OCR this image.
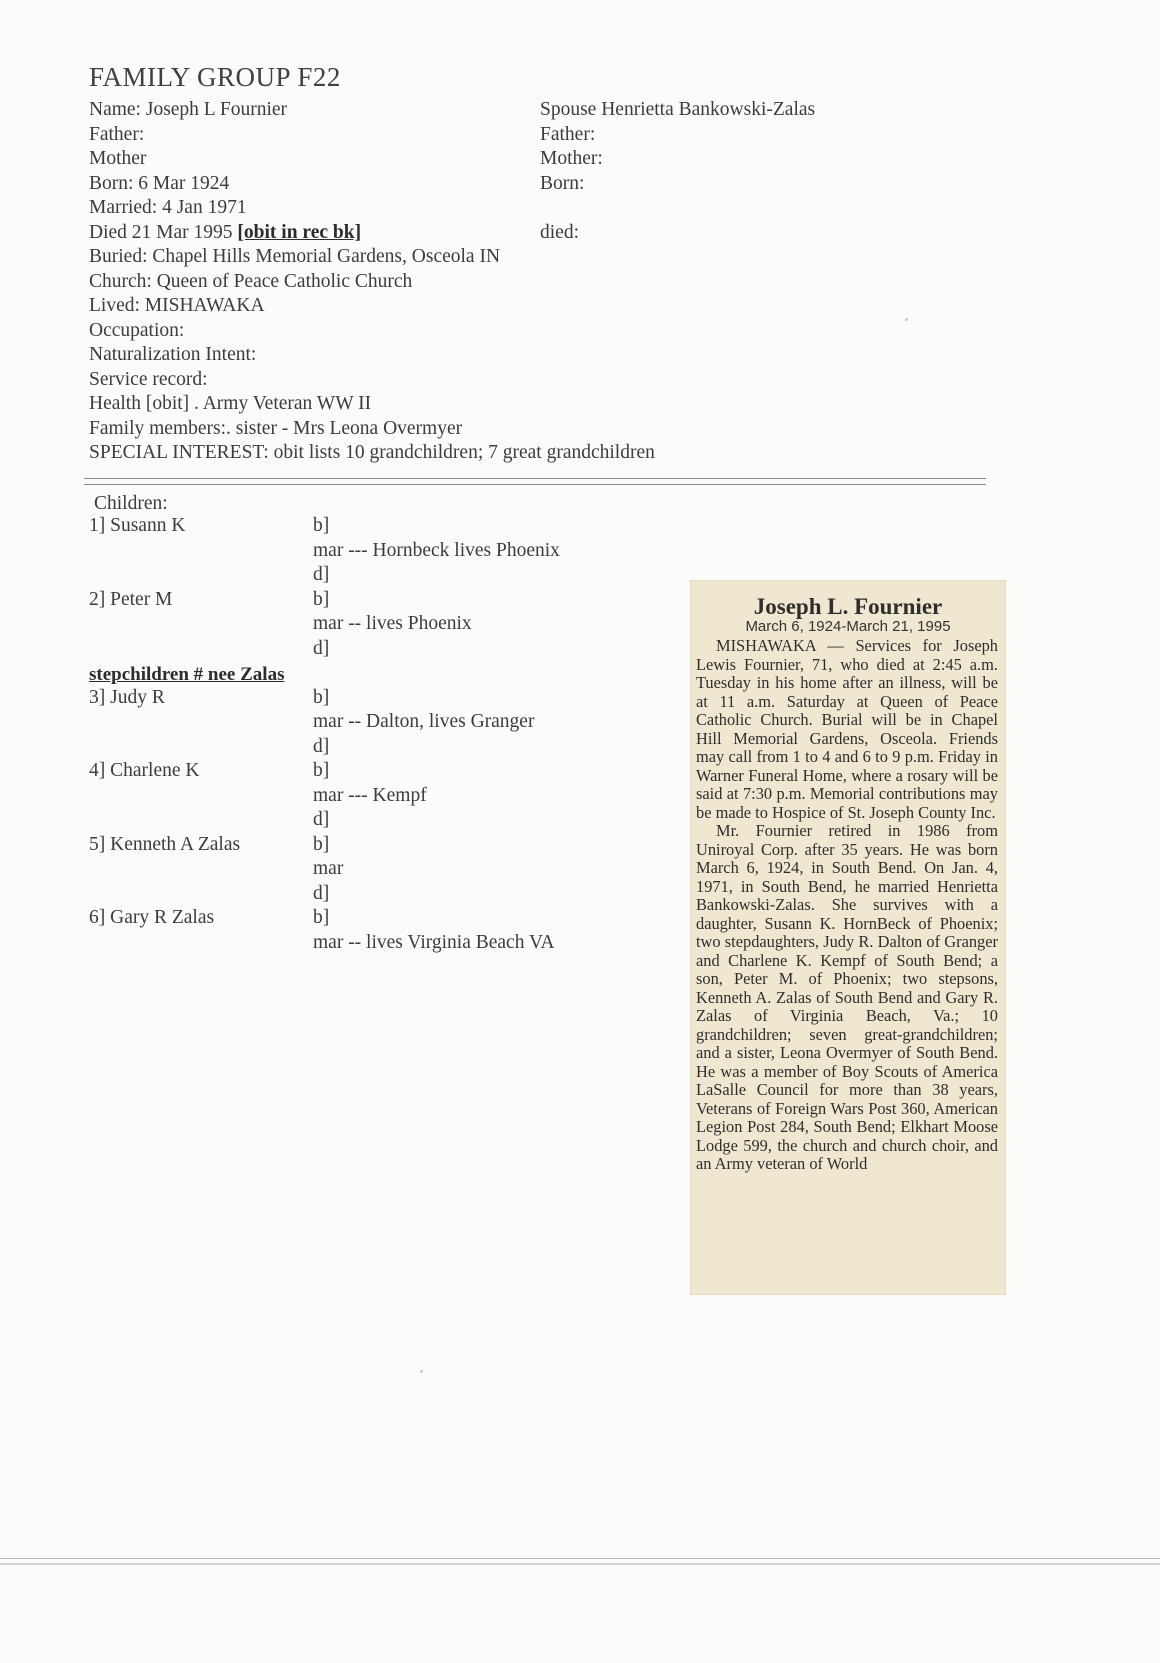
FAMILY GROUP F22
Name: Joseph L Fournier
Father:
Mother
Born: 6 Mar 1924
Married: 4 Jan 1971
Died 21 Mar 1995 [obit in rec bk]
Buried: Chapel Hills Memorial Gardens, Osceola IN
Church: Queen of Peace Catholic Church
Lived: MISHAWAKA
Occupation:
Naturalization Intent:
Service record:
Health [obit] . Army Veteran WW II
Family members:. sister - Mrs Leona Overmyer
SPECIAL INTEREST: obit lists 10 grandchildren; 7 great grandchildren
Spouse Henrietta Bankowski-Zalas
Father:
Mother:
Born:
died:
Children:
1] Susann K	b]
mar --- Hornbeck lives Phoenix
d]
2] Peter M	b]
mar -- lives Phoenix
d]
stepchildren # nee Zalas
3] Judy R	b]
mar -- Dalton, lives Granger
d]
4] Charlene K	b]
mar --- Kempf
d]
5] Kenneth A Zalas	b]
mar
d]
6] Gary R Zalas	b]
mar -- lives Virginia Beach VA
Joseph L. Fournier
March 6, 1924-March 21, 1995

MISHAWAKA — Services for Joseph Lewis Fournier, 71, who died at 2:45 a.m. Tuesday in his home after an illness, will be at 11 a.m. Saturday at Queen of Peace Catholic Church. Burial will be in Chapel Hill Memorial Gardens, Osceola. Friends may call from 1 to 4 and 6 to 9 p.m. Friday in Warner Funeral Home, where a rosary will be said at 7:30 p.m. Memorial contributions may be made to Hospice of St. Joseph County Inc.

Mr. Fournier retired in 1986 from Uniroyal Corp. after 35 years. He was born March 6, 1924, in South Bend. On Jan. 4, 1971, in South Bend, he married Henrietta Bankowski-Zalas. She survives with a daughter, Susann K. HornBeck of Phoenix; two stepdaughters, Judy R. Dalton of Granger and Charlene K. Kempf of South Bend; a son, Peter M. of Phoenix; two stepsons, Kenneth A. Zalas of South Bend and Gary R. Zalas of Virginia Beach, Va.; 10 grandchildren; seven great-grandchildren; and a sister, Leona Overmyer of South Bend. He was a member of Boy Scouts of America LaSalle Council for more than 38 years, Veterans of Foreign Wars Post 360, American Legion Post 284, South Bend; Elkhart Moose Lodge 599, the church and church choir, and an Army veteran of World
